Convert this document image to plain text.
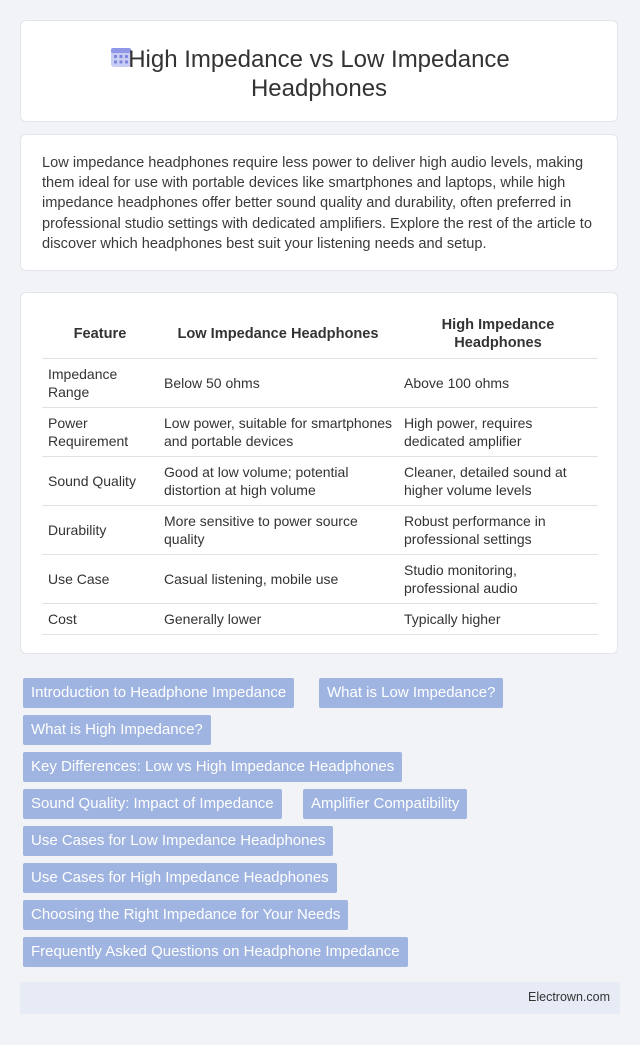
High Impedance vs Low Impedance Headphones

Low impedance headphones require less power to deliver high audio levels, making them ideal for use with portable devices like smartphones and laptops, while high impedance headphones offer better sound quality and durability, often preferred in professional studio settings with dedicated amplifiers. Explore the rest of the article to discover which headphones best suit your listening needs and setup.

Feature	Low Impedance Headphones	High Impedance Headphones
Impedance Range	Below 50 ohms	Above 100 ohms
Power Requirement	Low power, suitable for smartphones and portable devices	High power, requires dedicated amplifier
Sound Quality	Good at low volume; potential distortion at high volume	Cleaner, detailed sound at higher volume levels
Durability	More sensitive to power source quality	Robust performance in professional settings
Use Case	Casual listening, mobile use	Studio monitoring, professional audio
Cost	Generally lower	Typically higher
Introduction to Headphone Impedance	What is Low Impedance?
What is High Impedance?
Key Differences: Low vs High Impedance Headphones
Sound Quality: Impact of Impedance	Amplifier Compatibility
Use Cases for Low Impedance Headphones
Use Cases for High Impedance Headphones
Choosing the Right Impedance for Your Needs
Frequently Asked Questions on Headphone Impedance
Electrown.com
